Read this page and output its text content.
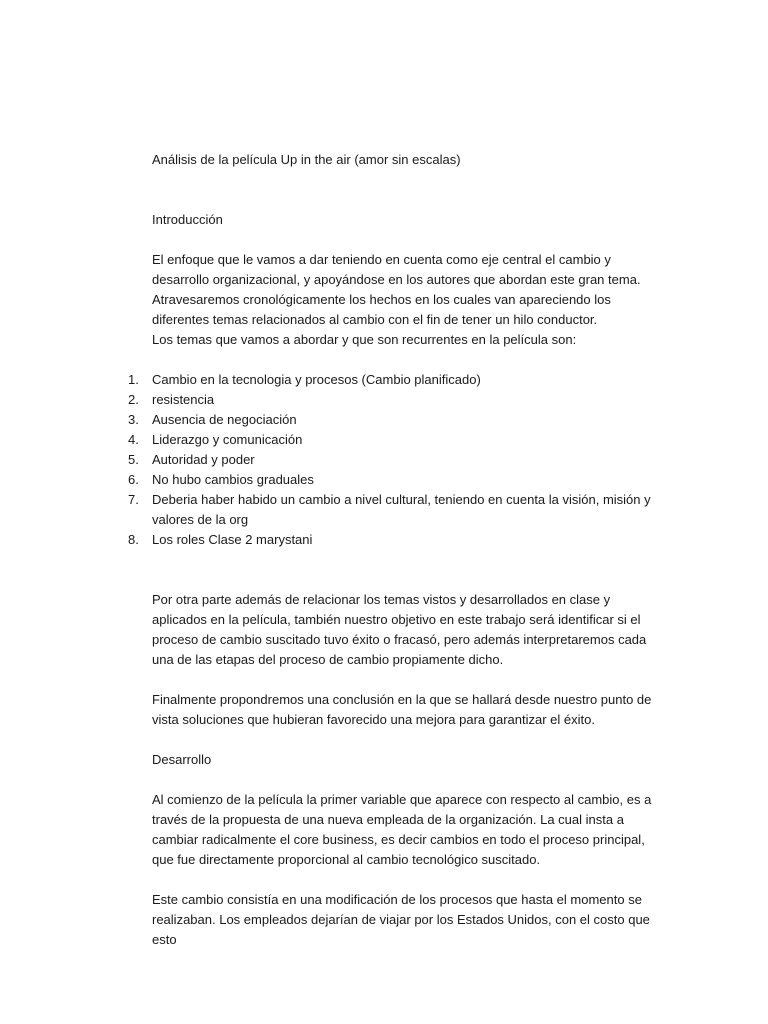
Análisis de la película Up in the air (amor sin escalas)

Introducción

El enfoque que le vamos a dar teniendo en cuenta como eje central el cambio y desarrollo organizacional, y apoyándose en los autores que abordan este gran tema. Atravesaremos cronológicamente los hechos en los cuales van apareciendo los diferentes temas relacionados al cambio con el fin de tener un hilo conductor.

Los temas que vamos a abordar y que son recurrentes en la película son:

1.	Cambio en la tecnologia y procesos (Cambio planificado)
2.	resistencia
3.	Ausencia de negociación
4.	Liderazgo y comunicación
5.	Autoridad y poder
6.	No hubo cambios graduales
7.	Deberia haber habido un cambio a nivel cultural, teniendo en cuenta la visión, misión y valores de la org
8.	Los roles Clase 2 marystani

Por otra parte además de relacionar los temas vistos y desarrollados en clase y aplicados en la película, también nuestro objetivo en este trabajo será identificar si el proceso de cambio suscitado tuvo éxito o fracasó, pero además interpretaremos cada una de las etapas del proceso de cambio propiamente dicho.

Finalmente propondremos una conclusión en la que se hallará desde nuestro punto de vista soluciones que hubieran favorecido una mejora para garantizar el éxito.

Desarrollo

Al comienzo de la película la primer variable que aparece con respecto al cambio, es a través de la propuesta de una nueva empleada de la organización. La cual insta a cambiar radicalmente el core business, es decir cambios en todo el proceso principal, que fue directamente proporcional al cambio tecnológico suscitado.

Este cambio consistía en una modificación de los procesos que hasta el momento se realizaban. Los empleados dejarían de viajar por los Estados Unidos, con el costo que esto
